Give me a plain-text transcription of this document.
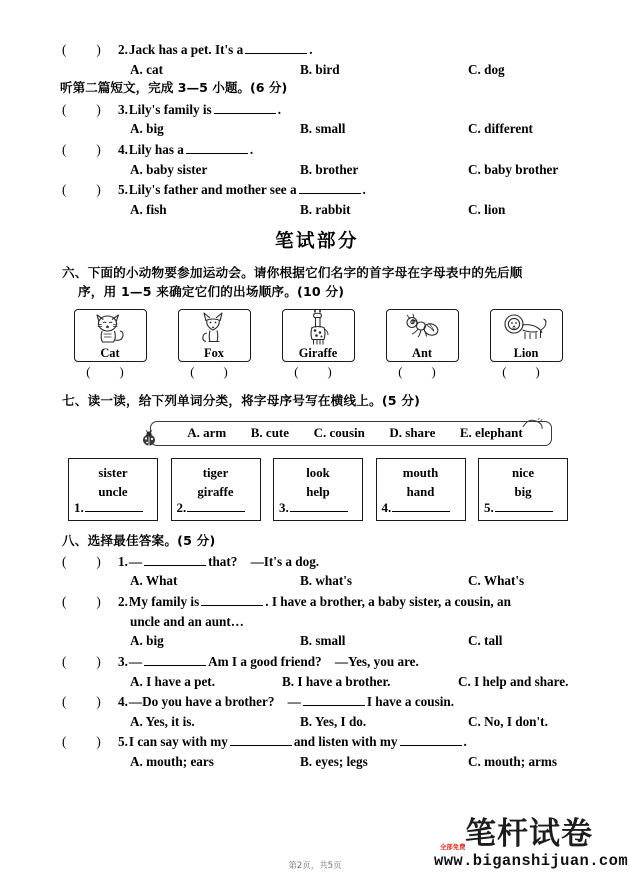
( )	2. Jack has a pet. It's a	.
A. cat	B. bird	C. dog
听第二篇短文，完成 3—5 小题。(6 分)
( )	3. Lily's family is	.
A. big	B. small	C. different
( )	4. Lily has a	.
A. baby sister	B. brother	C. baby brother
( )	5. Lily's father and mother see a	.
A. fish	B. rabbit	C. lion
笔试部分
六、下面的小动物要参加运动会。请你根据它们名字的首字母在字母表中的先后顺
序，用 1—5 来确定它们的出场顺序。(10 分)
Cat
( )
Fox
( )
Giraffe
( )
Ant
( )
Lion
( )
七、读一读，给下列单词分类，将字母序号写在横线上。(5 分)
A. arm B. cute C. cousin D. share E. elephant
sister
uncle
1.
tiger
giraffe
2.
look
help
3.
mouth
hand
4.
nice
big
5.
八、选择最佳答案。(5 分)
( )	1. —	that?　—It's a dog.
A. What	B. what's	C. What's
( )	2. My family is	. I have a brother, a baby sister, a cousin, an
uncle and an aunt…
A. big	B. small	C. tall
( )	3. —	Am I a good friend?　—Yes, you are.
A. I have a pet.	B. I have a brother.	C. I help and share.
( )	4. —Do you have a brother?　—	I have a cousin.
A. Yes, it is.	B. Yes, I do.	C. No, I don't.
( )	5. I can say with my	and listen with my	.
A. mouth; ears	B. eyes; legs	C. mouth; arms
第2页，共5页
笔杆试卷
www.biganshijuan.com
全部免费
